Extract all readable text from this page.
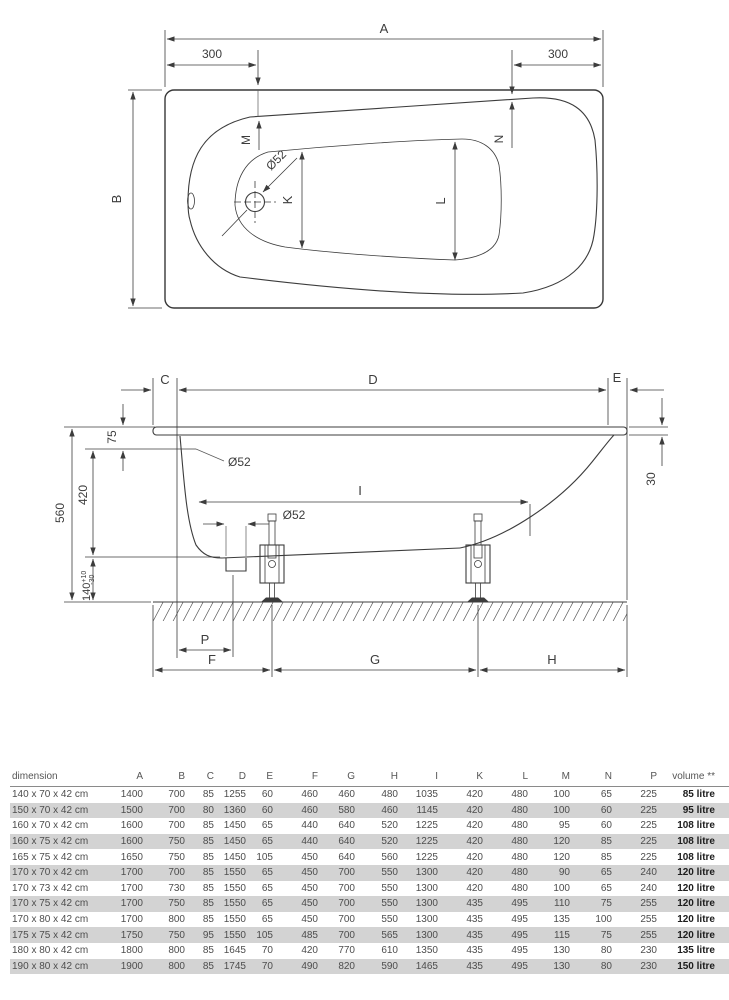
Ø52
A
300	300
B
M	N
K	L
C	D	E
75
420
560
$140^{+10}-30$
30
Ø52
I
Ø52
P
F	G	H
dimension	A	B	C	D	E	F	G	H	I	K	L	M	N	P	volume **
140 x 70 x 42 cm	1400	700	85	1255	60	460	460	480	1035	420	480	100	65	225	85 litre
150 x 70 x 42 cm	1500	700	80	1360	60	460	580	460	1145	420	480	100	60	225	95 litre
160 x 70 x 42 cm	1600	700	85	1450	65	440	640	520	1225	420	480	95	60	225	108 litre
160 x 75 x 42 cm	1600	750	85	1450	65	440	640	520	1225	420	480	120	85	225	108 litre
165 x 75 x 42 cm	1650	750	85	1450	105	450	640	560	1225	420	480	120	85	225	108 litre
170 x 70 x 42 cm	1700	700	85	1550	65	450	700	550	1300	420	480	90	65	240	120 litre
170 x 73 x 42 cm	1700	730	85	1550	65	450	700	550	1300	420	480	100	65	240	120 litre
170 x 75 x 42 cm	1700	750	85	1550	65	450	700	550	1300	435	495	110	75	255	120 litre
170 x 80 x 42 cm	1700	800	85	1550	65	450	700	550	1300	435	495	135	100	255	120 litre
175 x 75 x 42 cm	1750	750	95	1550	105	485	700	565	1300	435	495	115	75	255	120 litre
180 x 80 x 42 cm	1800	800	85	1645	70	420	770	610	1350	435	495	130	80	230	135 litre
190 x 80 x 42 cm	1900	800	85	1745	70	490	820	590	1465	435	495	130	80	230	150 litre
